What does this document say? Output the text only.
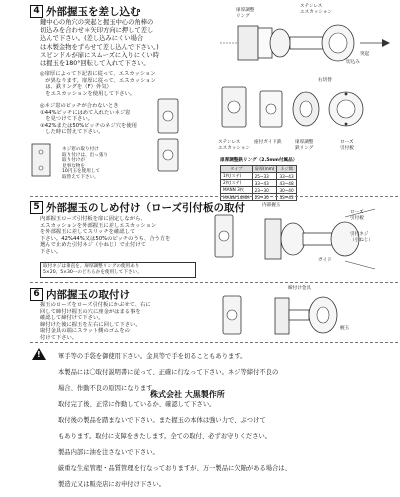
4 外部握玉を差し込む
鍵中心の角穴の突起と握玉中心の角棒の
切込みを合わせ＊矢印方向に押して差し
込んで下さい。(差し込みにくい場合
は木製金物をずらせて差し込んで下さい。)
スピンドルが扉にスムーズに入りにくい時
は握玉を180°回転して入れて下さい。
扉厚調整
リング
ステンレス
エスカッション
突起
切込み
右切替
ステンレス
エスカッション
座付ガイド鉄	扉厚調整
鉄リング
ローズ
引付板
◎扉厚によって下記表に従って、エスカッション
　が異なります。扉厚に従って、エスカッション
　は、鉄リングを（F）外気）
　をエスカッションを使用して下さい。
◎ネジ窓のピッチが合わないとき
①44%ピッチにはめて入れたいネジ窓
　を見つけて下さい。
②42%または50%ピッチのネジ穴を使用
　した時に替えて下さい。
ネジ窓の取り付け
取り付けは、出っ張り
取り付けが
見事な物を
10円玉を使用して
取替えて下さい。
扉厚調整鉄リング（2.5mm付属品）
タイプ	扉厚(mm)	ネジ間
1枚(ステ)	25~33	33~43
2枚(ステ)	33~43	43~48
MANN 3枚	23~30	30~40
MANN 14MM	23~30	33~43
5 外部握玉のしめ付け（ローズ引付板の取付
内部握玉ローズ引付板を扉に固定しながら、
エスカッションを外部握玉に差しエスカッション
を外部握玉に差してスリッチを確認して
下さい。42%44%又は50%のピッチのうち、合う方を
選んで止めた引付ネジ（小ねじ）で止付けて
下さい。
取付ネジは垂直を。扉厚調整リングの使用あり
5×20、5×30ーのどちらかを使用して下さい。
内部握玉
ローズ
引付板
引付ネジ
（小ねじ）
ガイド
6 内部握玉の取付け
握玉のローズをローズ引付板にかぶせて、右に
回して締付け握玉の穴に座金がはまる事を
確認して締付けて下さい。
締付けた後に握玉を左右に回して下さい。
取付金具の端にスラット側のゴムをの
付けて下さい。
締付け金具
握玉
!

軍手等の手袋を御使用下さい。金具等で手を切ることもあります。

本製品には〇取付説明書に従って、正確に行なって下さい。ネジ等締付不良の

場合、作動不良の原因になります。

取付完了後、正常に作動しているか、確認して下さい。

取付後の製品を踏まないで下さい。また握玉の本体は強い力で、ぶつけて

もあります。取付に支障をきたします。全ての取付、必ずお守りください。

製品内部に油を注さないで下さい。

厳重な生産管理・品質管理を行なっておりますが、万一製品に欠陥がある場合は、

製造元又は販売店にお申付け下さい。

株式会社 大黒製作所
